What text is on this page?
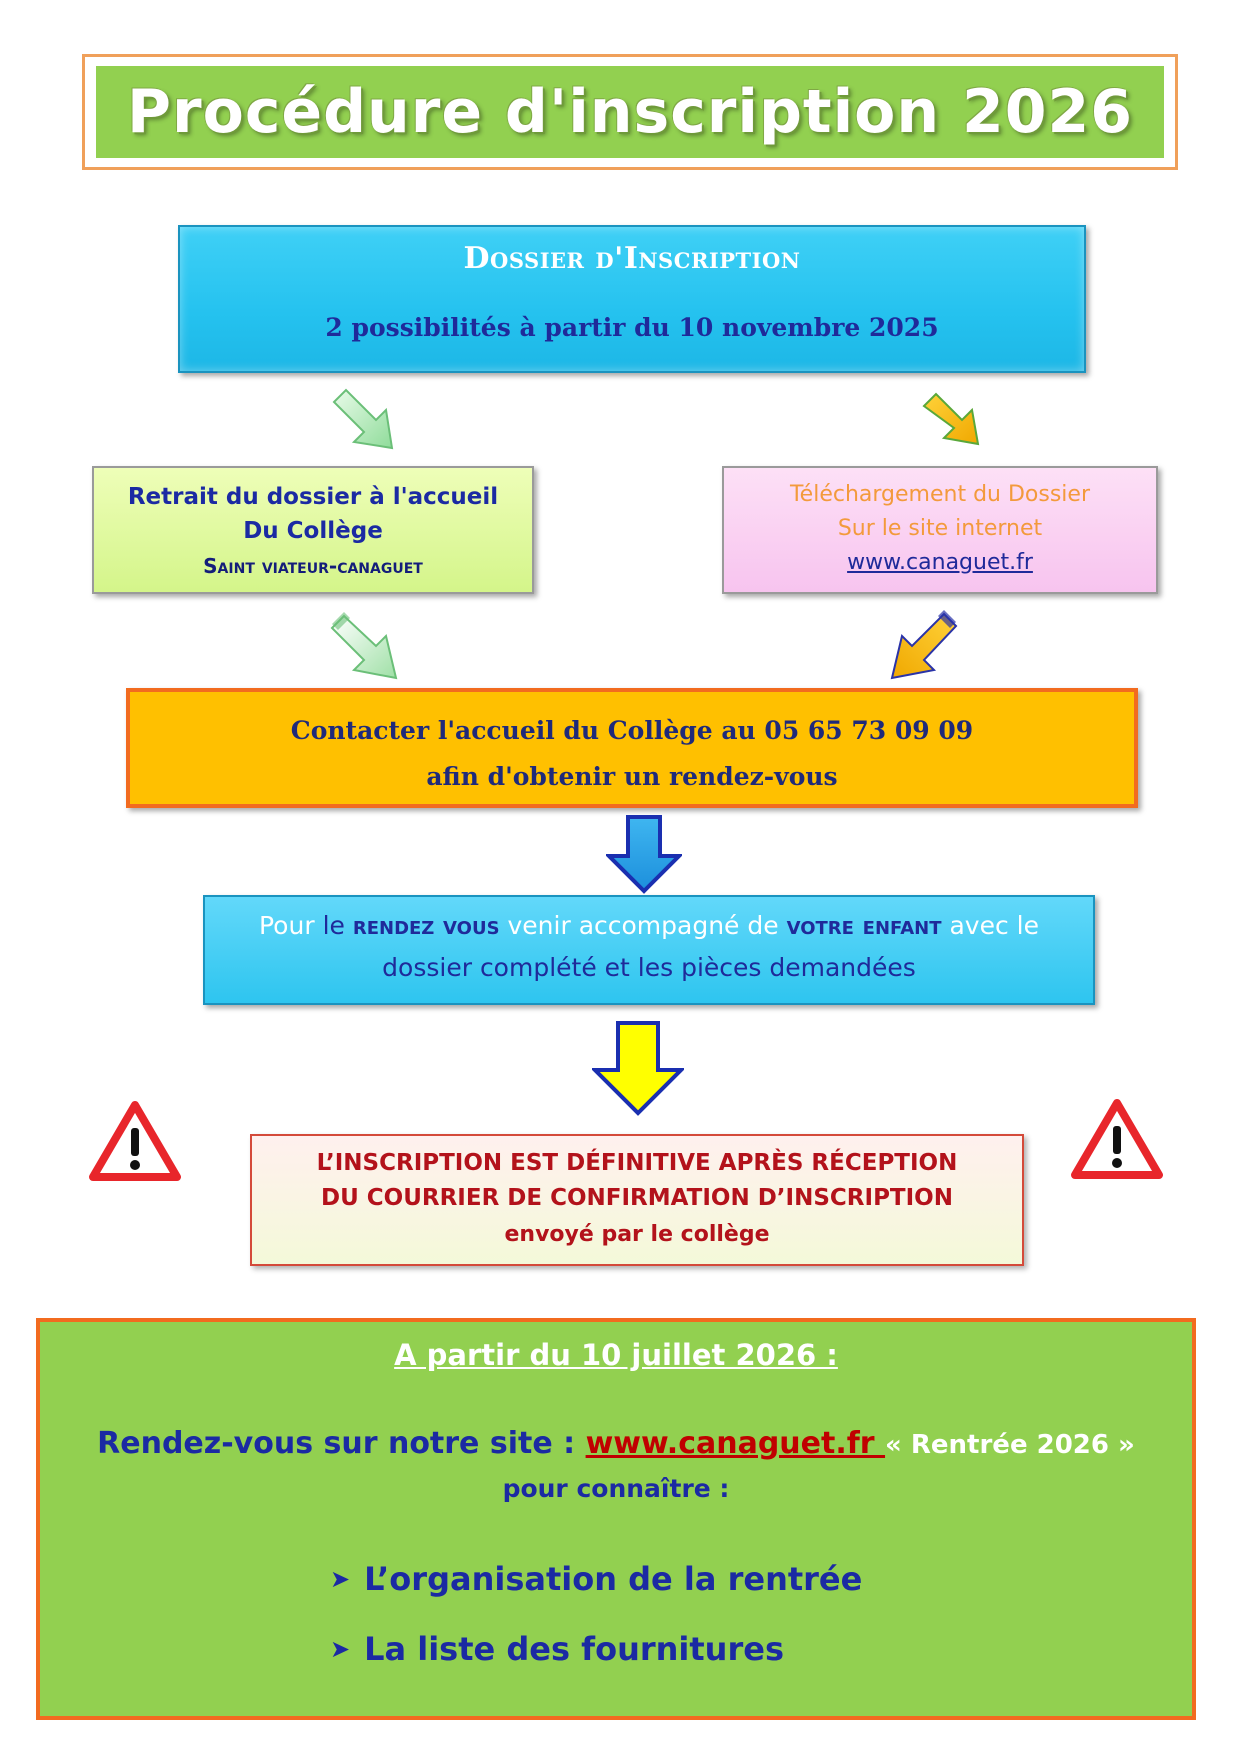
Procédure d'inscription 2026
Dossier d'Inscription
2 possibilités à partir du 10 novembre 2025
Retrait du dossier à l'accueil
Du Collège
Saint viateur-canaguet
Téléchargement du Dossier
Sur le site internet
www.canaguet.fr
Contacter l'accueil du Collège au 05 65 73 09 09
afin d'obtenir un rendez-vous
Pour le rendez vous venir accompagné de votre enfant avec le
dossier complété et les pièces demandées
L’INSCRIPTION EST DÉFINITIVE APRÈS RÉCEPTION
DU COURRIER DE CONFIRMATION D’INSCRIPTION
envoyé par le collège
A partir du 10 juillet 2026 :
Rendez-vous sur notre site : www.canaguet.fr « Rentrée 2026 »
pour connaître :
➤ L’organisation de la rentrée
➤ La liste des fournitures
